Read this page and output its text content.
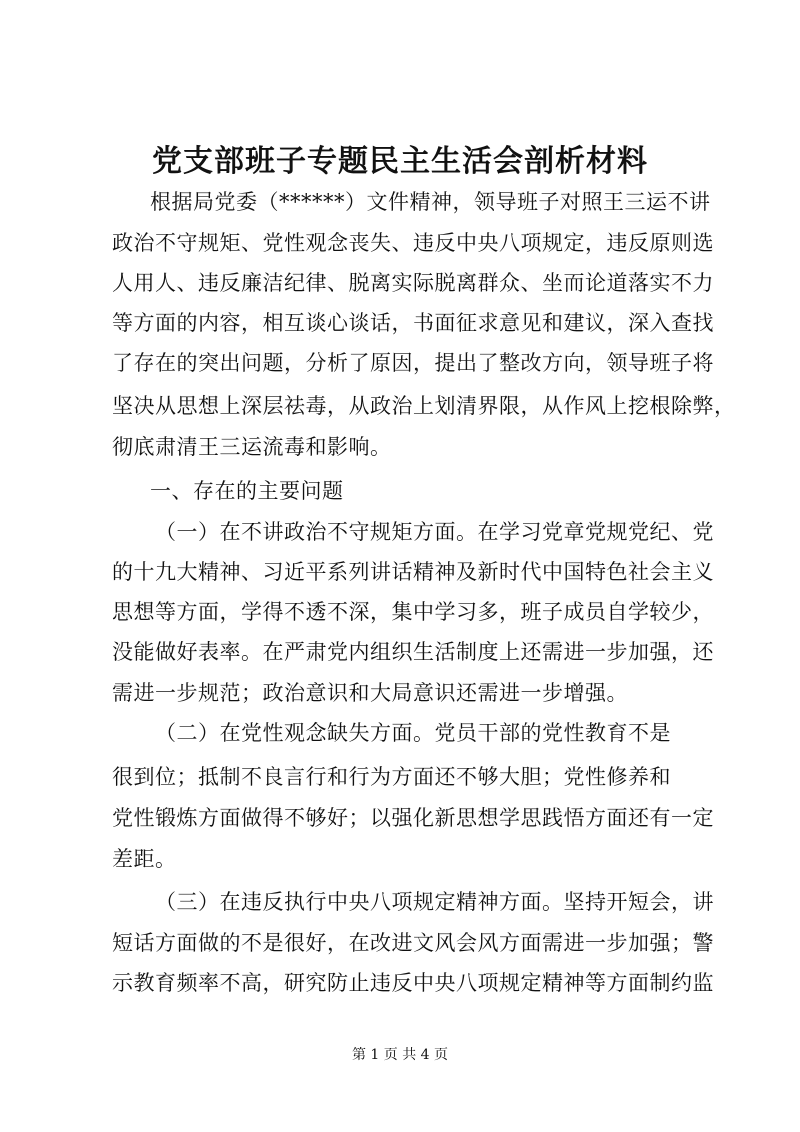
党支部班子专题民主生活会剖析材料
根据局党委（******）文件精神，领导班子对照王三运不讲
政治不守规矩、党性观念丧失、违反中央八项规定，违反原则选
人用人、违反廉洁纪律、脱离实际脱离群众、坐而论道落实不力
等方面的内容，相互谈心谈话，书面征求意见和建议，深入查找
了存在的突出问题，分析了原因，提出了整改方向，领导班子将
坚决从思想上深层祛毒，从政治上划清界限，从作风上挖根除弊，
彻底肃清王三运流毒和影响。
一、存在的主要问题
（一）在不讲政治不守规矩方面。在学习党章党规党纪、党
的十九大精神、习近平系列讲话精神及新时代中国特色社会主义
思想等方面，学得不透不深，集中学习多，班子成员自学较少，
没能做好表率。在严肃党内组织生活制度上还需进一步加强，还
需进一步规范；政治意识和大局意识还需进一步增强。
（二）在党性观念缺失方面。党员干部的党性教育不是
很到位；抵制不良言行和行为方面还不够大胆；党性修养和
党性锻炼方面做得不够好；以强化新思想学思践悟方面还有一定
差距。
（三）在违反执行中央八项规定精神方面。坚持开短会，讲
短话方面做的不是很好，在改进文风会风方面需进一步加强；警
示教育频率不高，研究防止违反中央八项规定精神等方面制约监
第 1 页 共 4 页
